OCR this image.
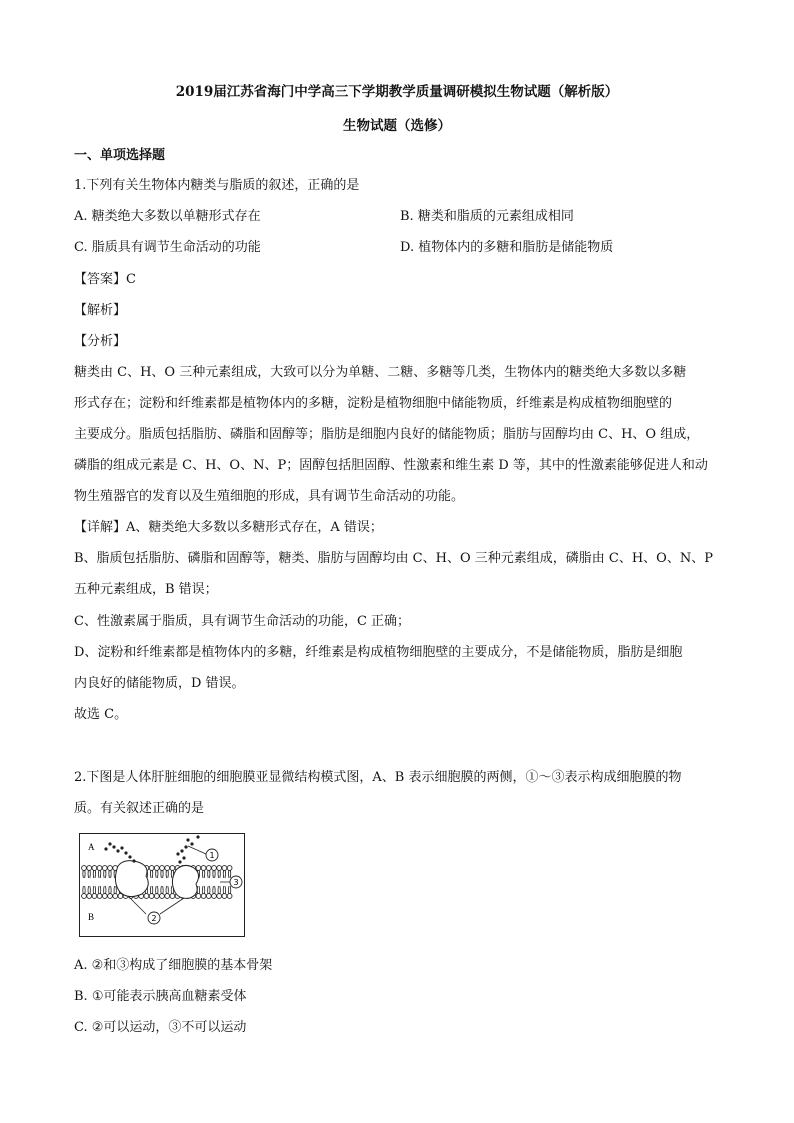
2019届江苏省海门中学高三下学期教学质量调研模拟生物试题（解析版）
生物试题（选修）
一、单项选择题
1.下列有关生物体内糖类与脂质的叙述，正确的是
A. 糖类绝大多数以单糖形式存在	B. 糖类和脂质的元素组成相同
C. 脂质具有调节生命活动的功能	D. 植物体内的多糖和脂肪是储能物质
【答案】C
【解析】
【分析】
糖类由 C、H、O 三种元素组成，大致可以分为单糖、二糖、多糖等几类，生物体内的糖类绝大多数以多糖
形式存在；淀粉和纤维素都是植物体内的多糖，淀粉是植物细胞中储能物质，纤维素是构成植物细胞壁的
主要成分。脂质包括脂肪、磷脂和固醇等；脂肪是细胞内良好的储能物质；脂肪与固醇均由 C、H、O 组成，
磷脂的组成元素是 C、H、O、N、P；固醇包括胆固醇、性激素和维生素 D 等，其中的性激素能够促进人和动
物生殖器官的发育以及生殖细胞的形成，具有调节生命活动的功能。
【详解】A、糖类绝大多数以多糖形式存在，A 错误；
B、脂质包括脂肪、磷脂和固醇等，糖类、脂肪与固醇均由 C、H、O 三种元素组成，磷脂由 C、H、O、N、P
五种元素组成，B 错误；
C、性激素属于脂质，具有调节生命活动的功能，C 正确；
D、淀粉和纤维素都是植物体内的多糖，纤维素是构成植物细胞壁的主要成分，不是储能物质，脂肪是细胞
内良好的储能物质，D 错误。
故选 C。
2.下图是人体肝脏细胞的细胞膜亚显微结构模式图，A、B 表示细胞膜的两侧，①～③表示构成细胞膜的物
质。有关叙述正确的是
A
B
1
3
2
A. ②和③构成了细胞膜的基本骨架
B. ①可能表示胰高血糖素受体
C. ②可以运动，③不可以运动
